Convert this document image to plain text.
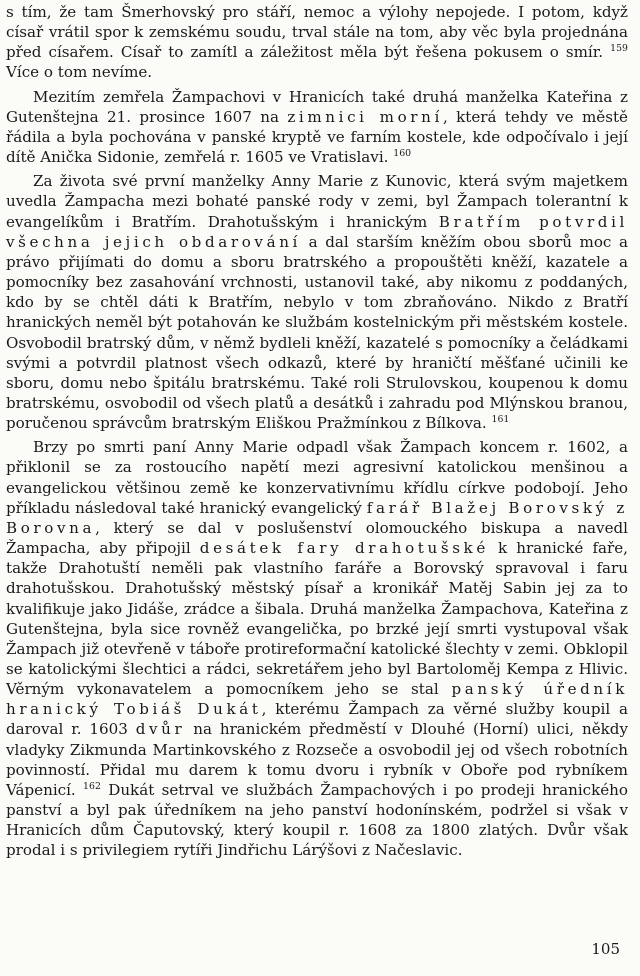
s tím, že tam Šmerhovský pro stáří, nemoc a výlohy nepojede. I potom, když císař vrátil spor k zemskému soudu, trval stále na tom, aby věc byla projednána před císařem. Císař to zamítl a záležitost měla být řešena pokusem o smír. $^{159}$ Více o tom nevíme.

Mezitím zemřela Žampachovi v Hranicích také druhá manželka Kateřina z Gutenštejna 21. prosince 1607 na zimnici morní, která tehdy ve městě řádila a byla pochována v panské kryptě ve farním kostele, kde odpočívalo i její dítě Anička Sidonie, zemřelá r. 1605 ve Vratislavi. $^{160}$

Za života své první manželky Anny Marie z Kunovic, která svým majetkem uvedla Žampacha mezi bohaté panské rody v zemi, byl Žampach tolerantní k evangelíkům i Bratřím. Drahotušským i hranickým Bratřím potvrdil všechna jejich obdarování a dal starším kněžím obou sborů moc a právo přijímati do domu a sboru bratrského a propouštěti kněží, kazatele a pomocníky bez zasahování vrchnosti, ustanovil také, aby nikomu z poddaných, kdo by se chtěl dáti k Bratřím, nebylo v tom zbraňováno. Nikdo z Bratří hranických neměl být potahován ke službám kostelnickým při městském kostele. Osvobodil bratrský dům, v němž bydleli kněží, kazatelé s pomocníky a čeládkami svými a potvrdil platnost všech odkazů, které by hraničtí měšťané učinili ke sboru, domu nebo špitálu bratrskému. Také roli Strulovskou, koupenou k domu bratrskému, osvobodil od všech platů a desátků i zahradu pod Mlýnskou branou, poručenou správcům bratrským Eliškou Pražmínkou z Bílkova. $^{161}$

Brzy po smrti paní Anny Marie odpadl však Žampach koncem r. 1602, a přiklonil se za rostoucího napětí mezi agresivní katolickou menšinou a evangelickou většinou země ke konzervativnímu křídlu církve podobojí. Jeho příkladu následoval také hranický evangelický farář Blažej Borovský z Borovna, který se dal v poslušenství olomouckého biskupa a navedl Žampacha, aby připojil desátek fary drahotušské k hranické faře, takže Drahotuští neměli pak vlastního faráře a Borovský spravoval i faru drahotušskou. Drahotušský městský písař a kronikář Matěj Sabin jej za to kvalifikuje jako Jidáše, zrádce a šibala. Druhá manželka Žampachova, Kateřina z Gutenštejna, byla sice rovněž evangelička, po brzké její smrti vystupoval však Žampach již otevřeně v táboře protireformační katolické šlechty v zemi. Obklopil se katolickými šlechtici a rádci, sekretářem jeho byl Bartoloměj Kempa z Hlivic. Věrným vykonavatelem a pomocníkem jeho se stal panský úředník hranický Tobiáš Dukát, kterému Žampach za věrné služby koupil a daroval r. 1603 dvůr na hranickém předměstí v Dlouhé (Horní) ulici, někdy vladyky Zikmunda Martinkovského z Rozseče a osvobodil jej od všech robotních povinností. Přidal mu darem k tomu dvoru i rybník v Oboře pod rybníkem Vápenicí. $^{162}$ Dukát setrval ve službách Žampachových i po prodeji hranického panství a byl pak úředníkem na jeho panství hodonínském, podržel si však v Hranicích dům Čaputovský, který koupil r. 1608 za 1800 zlatých. Dvůr však prodal i s privilegiem rytíři Jindřichu Lárýšovi z Načeslavic.

105
